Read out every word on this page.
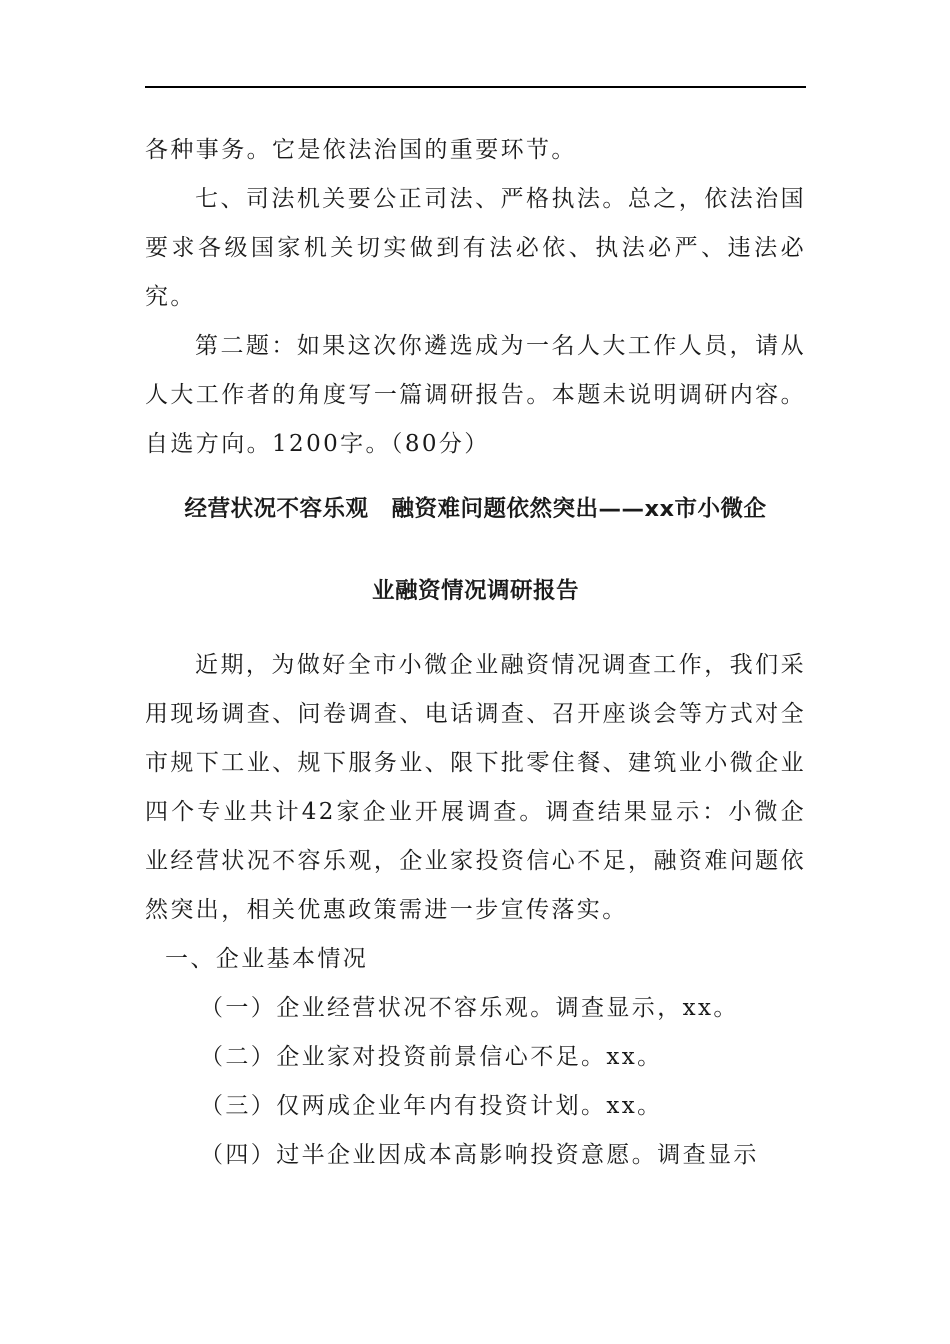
各种事务。它是依法治国的重要环节。

七、司法机关要公正司法、严格执法。总之，依法治国要求各级国家机关切实做到有法必依、执法必严、违法必究。

第二题：如果这次你遴选成为一名人大工作人员，请从人大工作者的角度写一篇调研报告。本题未说明调研内容。自选方向。1200字。（80分）

经营状况不容乐观　融资难问题依然突出——xx市小微企
业融资情况调研报告

近期，为做好全市小微企业融资情况调查工作，我们采用现场调查、问卷调查、电话调查、召开座谈会等方式对全市规下工业、规下服务业、限下批零住餐、建筑业小微企业四个专业共计42家企业开展调查。调查结果显示：小微企业经营状况不容乐观，企业家投资信心不足，融资难问题依然突出，相关优惠政策需进一步宣传落实。

一、企业基本情况

（一）企业经营状况不容乐观。调查显示，xx。

（二）企业家对投资前景信心不足。xx。

（三）仅两成企业年内有投资计划。xx。

（四）过半企业因成本高影响投资意愿。调查显示
